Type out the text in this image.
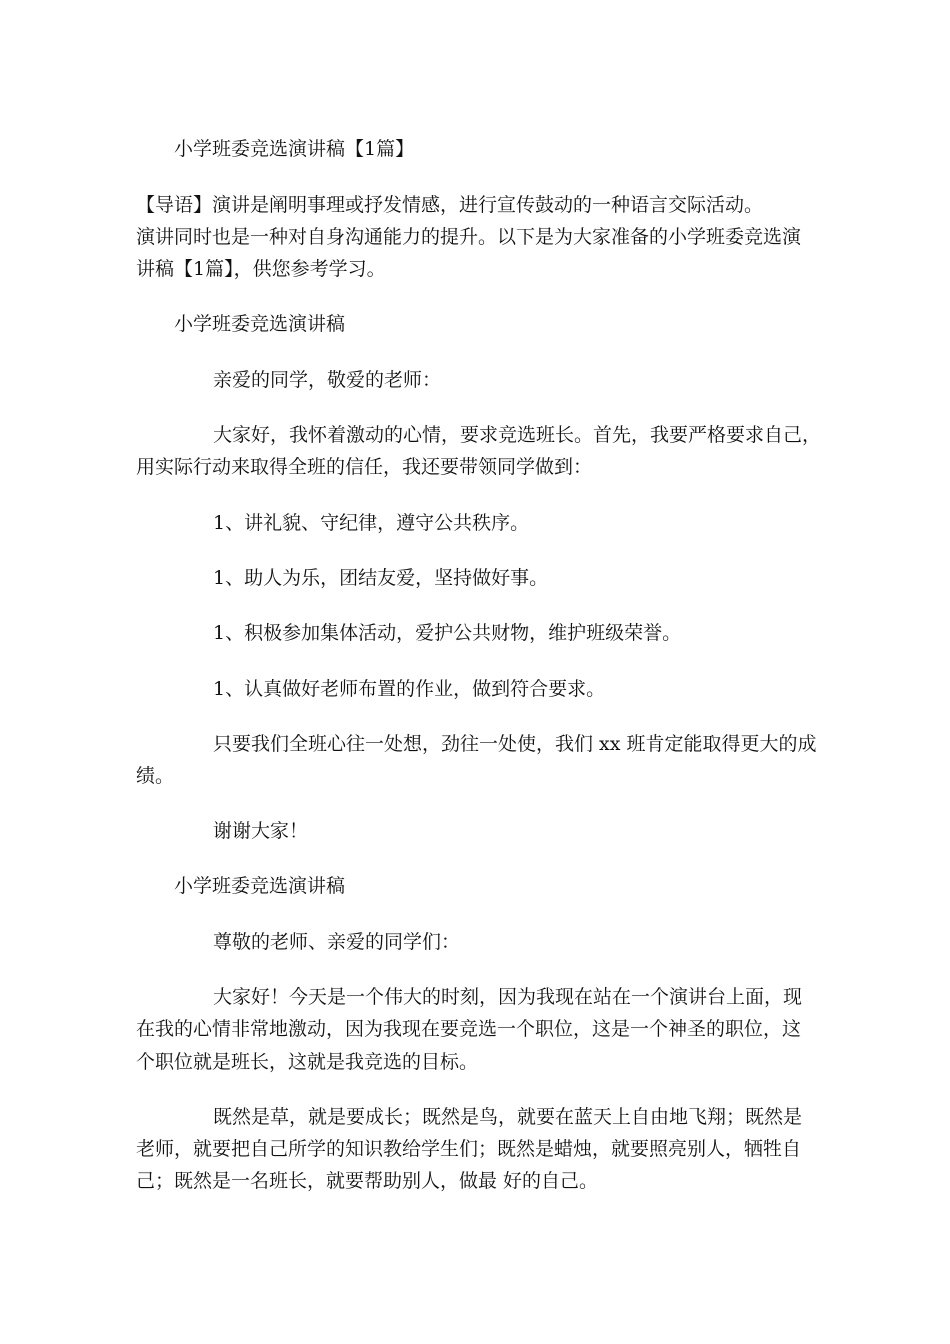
小学班委竞选演讲稿【1篇】
【导语】演讲是阐明事理或抒发情感，进行宣传鼓动的一种语言交际活动。
演讲同时也是一种对自身沟通能力的提升。以下是为大家准备的小学班委竞选演
讲稿【1篇】，供您参考学习。
小学班委竞选演讲稿
亲爱的同学，敬爱的老师：
大家好，我怀着激动的心情，要求竞选班长。首先，我要严格要求自己，
用实际行动来取得全班的信任，我还要带领同学做到：
1、讲礼貌、守纪律，遵守公共秩序。
1、助人为乐，团结友爱，坚持做好事。
1、积极参加集体活动，爱护公共财物，维护班级荣誉。
1、认真做好老师布置的作业，做到符合要求。
只要我们全班心往一处想，劲往一处使，我们 xx 班肯定能取得更大的成
绩。
谢谢大家！
小学班委竞选演讲稿
尊敬的老师、亲爱的同学们：
大家好！今天是一个伟大的时刻，因为我现在站在一个演讲台上面，现
在我的心情非常地激动，因为我现在要竞选一个职位，这是一个神圣的职位，这
个职位就是班长，这就是我竞选的目标。
既然是草，就是要成长；既然是鸟，就要在蓝天上自由地飞翔；既然是
老师，就要把自己所学的知识教给学生们；既然是蜡烛，就要照亮别人，牺牲自
己；既然是一名班长，就要帮助别人，做最 好的自己。
